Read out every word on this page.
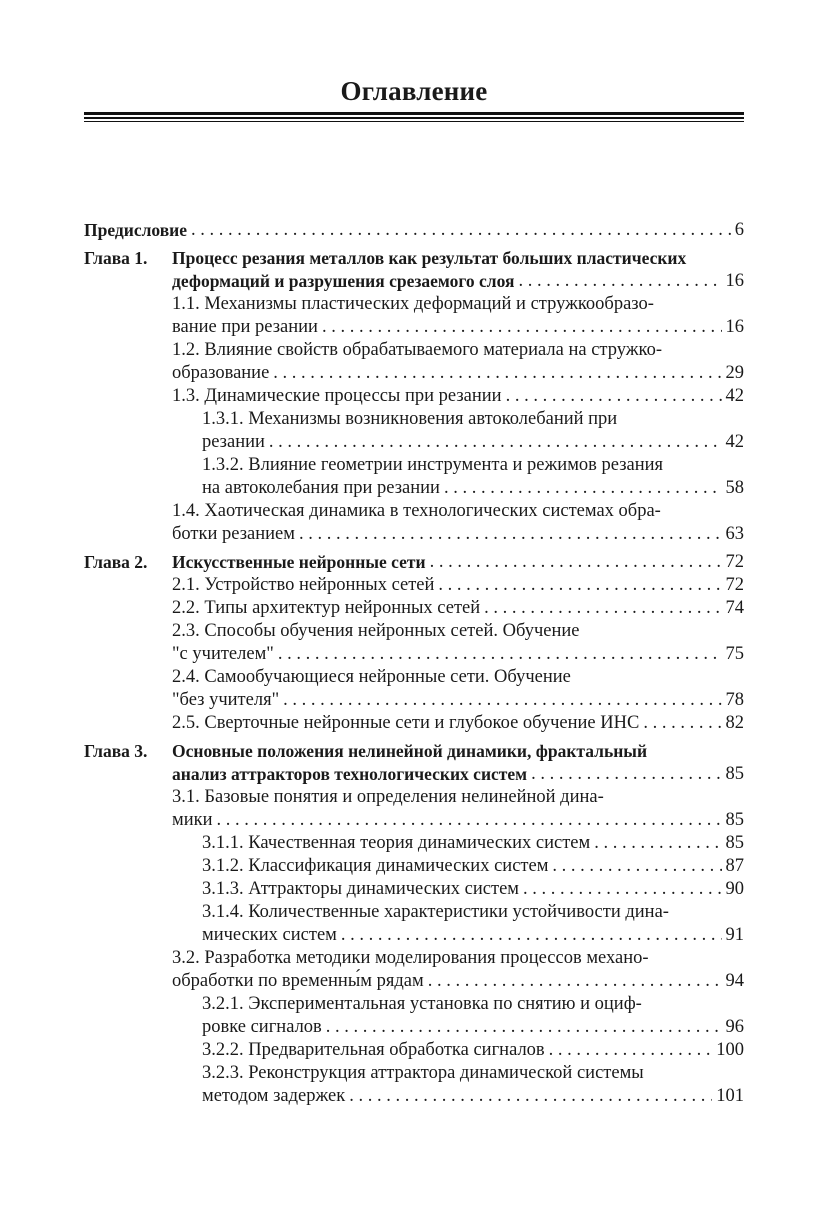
Оглавление
Предисловие . . .	6
Глава 1. Процесс резания металлов как результат больших пластических
деформаций и разрушения срезаемого слоя . . .	16
1.1. Механизмы пластических деформаций и стружкообразо-
вание при резании . . .	16
1.2. Влияние свойств обрабатываемого материала на стружко-
образование . . .	29
1.3. Динамические процессы при резании . . .	42
1.3.1. Механизмы возникновения автоколебаний при
резании . . .	42
1.3.2. Влияние геометрии инструмента и режимов резания
на автоколебания при резании . . .	58
1.4. Хаотическая динамика в технологических системах обра-
ботки резанием . . .	63
Глава 2. Искусственные нейронные сети . . .	72
2.1. Устройство нейронных сетей . . .	72
2.2. Типы архитектур нейронных сетей . . .	74
2.3. Способы обучения нейронных сетей. Обучение
"с учителем" . . .	75
2.4. Самообучающиеся нейронные сети. Обучение
"без учителя" . . .	78
2.5. Сверточные нейронные сети и глубокое обучение ИНС . . .	82
Глава 3. Основные положения нелинейной динамики, фрактальный
анализ аттракторов технологических систем . . .	85
3.1. Базовые понятия и определения нелинейной дина-
мики . . .	85
3.1.1. Качественная теория динамических систем . . .	85
3.1.2. Классификация динамических систем . . .	87
3.1.3. Аттракторы динамических систем . . .	90
3.1.4. Количественные характеристики устойчивости дина-
мических систем . . .	91
3.2. Разработка методики моделирования процессов механо-
обработки по временны́м рядам . . .	94
3.2.1. Экспериментальная установка по снятию и оциф-
ровке сигналов . . .	96
3.2.2. Предварительная обработка сигналов . . .	100
3.2.3. Реконструкция аттрактора динамической системы
методом задержек . . .	101
